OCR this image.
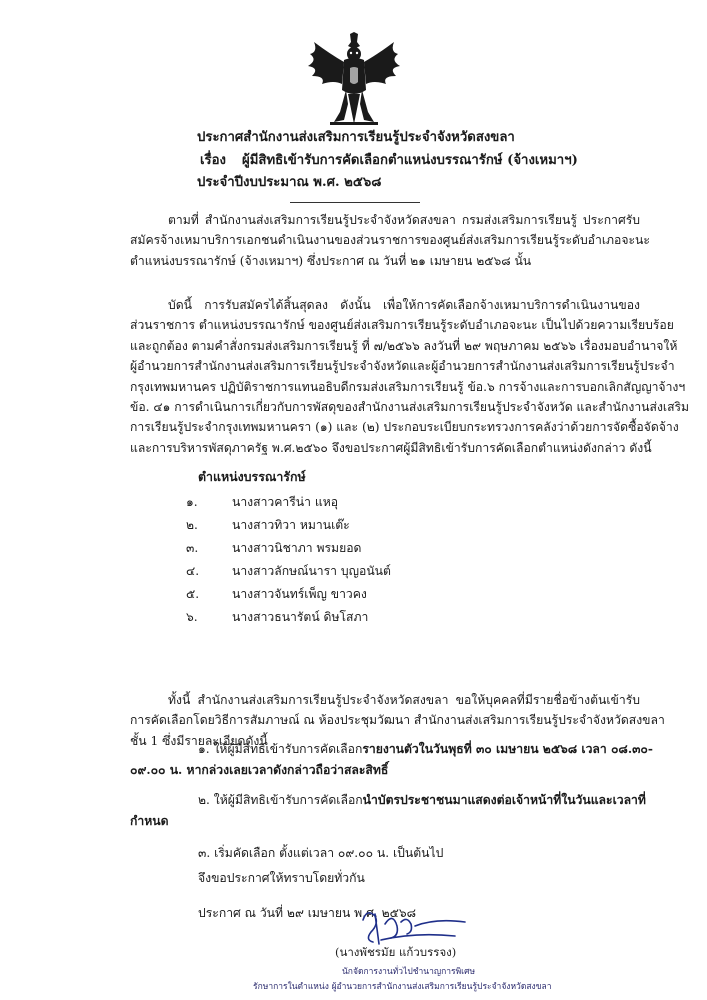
ประกาศสำนักงานส่งเสริมการเรียนรู้ประจำจังหวัดสงขลา
เรื่อง ผู้มีสิทธิเข้ารับการคัดเลือกตำแหน่งบรรณารักษ์ (จ้างเหมาฯ)
ประจำปีงบประมาณ พ.ศ. ๒๕๖๘
ตามที่ สำนักงานส่งเสริมการเรียนรู้ประจำจังหวัดสงขลา กรมส่งเสริมการเรียนรู้ ประกาศรับ
สมัครจ้างเหมาบริการเอกชนดำเนินงานของส่วนราชการของศูนย์ส่งเสริมการเรียนรู้ระดับอำเภอจะนะ
ตำแหน่งบรรณารักษ์ (จ้างเหมาฯ) ซึ่งประกาศ ณ วันที่ ๒๑ เมษายน ๒๕๖๘ นั้น
บัดนี้ การรับสมัครได้สิ้นสุดลง ดังนั้น เพื่อให้การคัดเลือกจ้างเหมาบริการดำเนินงานของ
ส่วนราชการ ตำแหน่งบรรณารักษ์ ของศูนย์ส่งเสริมการเรียนรู้ระดับอำเภอจะนะ เป็นไปด้วยความเรียบร้อย
และถูกต้อง ตามคำสั่งกรมส่งเสริมการเรียนรู้ ที่ ๗/๒๕๖๖ ลงวันที่ ๒๙ พฤษภาคม ๒๕๖๖ เรื่องมอบอำนาจให้
ผู้อำนวยการสำนักงานส่งเสริมการเรียนรู้ประจำจังหวัดและผู้อำนวยการสำนักงานส่งเสริมการเรียนรู้ประจำ
กรุงเทพมหานคร ปฏิบัติราชการแทนอธิบดีกรมส่งเสริมการเรียนรู้ ข้อ.๖ การจ้างและการบอกเลิกสัญญาจ้างฯ
ข้อ. ๔๑ การดำเนินการเกี่ยวกับการพัสดุของสำนักงานส่งเสริมการเรียนรู้ประจำจังหวัด และสำนักงานส่งเสริม
การเรียนรู้ประจำกรุงเทพมหานครา (๑) และ (๒) ประกอบระเบียบกระทรวงการคลังว่าด้วยการจัดซื้อจัดจ้าง
และการบริหารพัสดุภาครัฐ พ.ศ.๒๕๖๐ จึงขอประกาศผู้มีสิทธิเข้ารับการคัดเลือกตำแหน่งดังกล่าว ดังนี้
ตำแหน่งบรรณารักษ์
๑.	นางสาวคารีน่า แหอุ
๒.	นางสาวทิวา หมานเต๊ะ
๓.	นางสาวนิชาภา พรมยอด
๔.	นางสาวลักษณ์นารา บุญอนันต์
๕.	นางสาวจันทร์เพ็ญ ขาวคง
๖.	นางสาวธนารัตน์ ดิษโสภา
ทั้งนี้ สำนักงานส่งเสริมการเรียนรู้ประจำจังหวัดสงขลา ขอให้บุคคลที่มีรายชื่อข้างต้นเข้ารับ
การคัดเลือกโดยวิธีการสัมภาษณ์ ณ ห้องประชุมวัฒนา สำนักงานส่งเสริมการเรียนรู้ประจำจังหวัดสงขลา
ชั้น 1 ซึ่งมีรายละเอียดดังนี้
๑. ให้ผู้มีสิทธิเข้ารับการคัดเลือกรายงานตัวในวันพุธที่ ๓๐ เมษายน ๒๕๖๘ เวลา ๐๘.๓๐-
๐๙.๐๐ น. หากล่วงเลยเวลาดังกล่าวถือว่าสละสิทธิ์
๒. ให้ผู้มีสิทธิเข้ารับการคัดเลือกนำบัตรประชาชนมาแสดงต่อเจ้าหน้าที่ในวันและเวลาที่
กำหนด
๓. เริ่มคัดเลือก ตั้งแต่เวลา ๐๙.๐๐ น. เป็นต้นไป
จึงขอประกาศให้ทราบโดยทั่วกัน
ประกาศ ณ วันที่ ๒๙ เมษายน พ.ศ. ๒๕๖๘
(นางพัชรมัย แก้วบรรจง)
นักจัดการงานทั่วไปชำนาญการพิเศษ
รักษาการในตำแหน่ง ผู้อำนวยการสำนักงานส่งเสริมการเรียนรู้ประจำจังหวัดสงขลา
